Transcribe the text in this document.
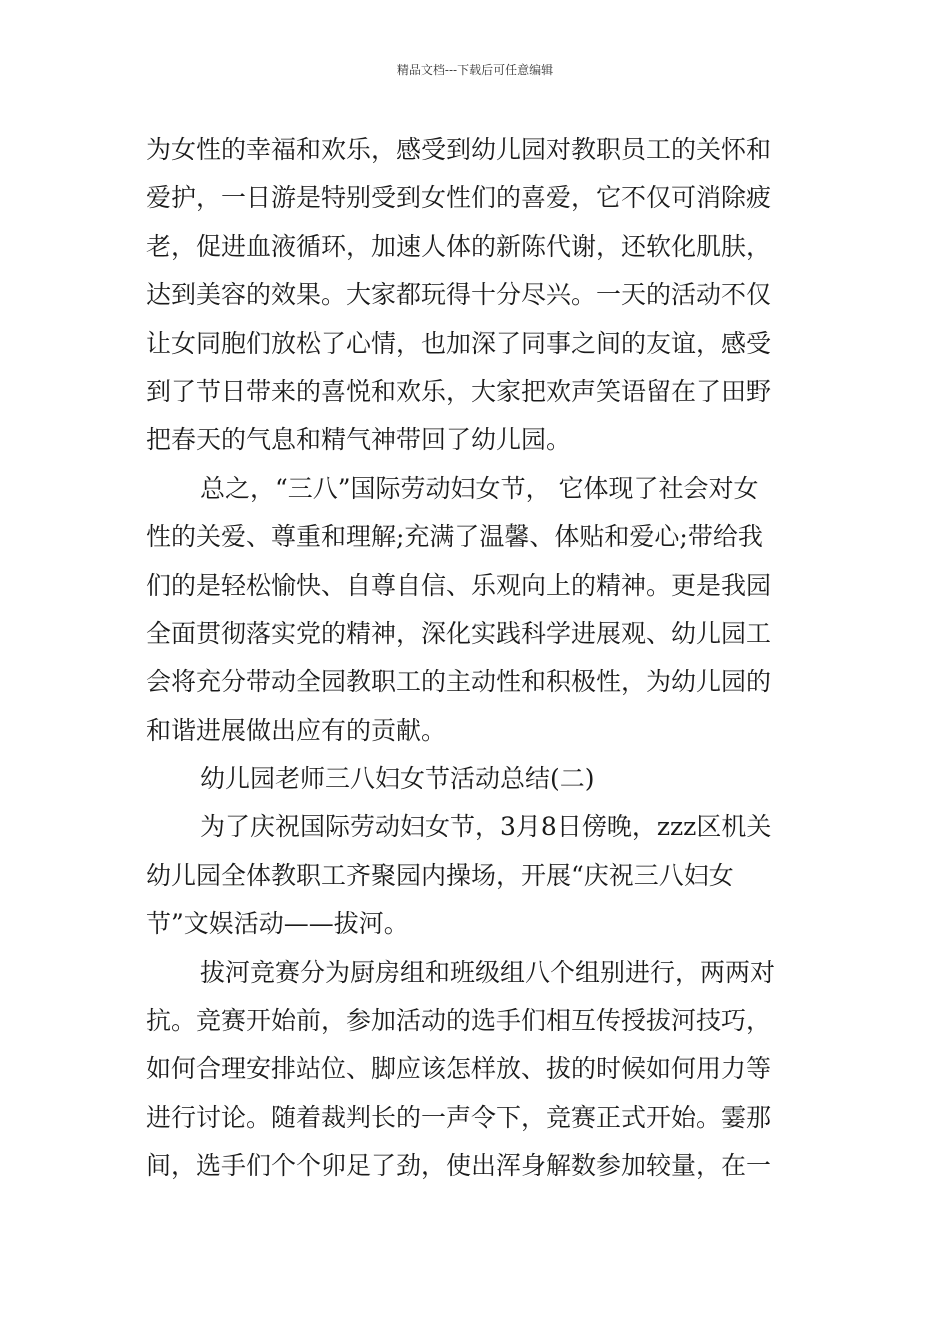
精品文档---下载后可任意编辑
为女性的幸福和欢乐，感受到幼儿园对教职员工的关怀和
爱护，一日游是特别受到女性们的喜爱，它不仅可消除疲
老，促进血液循环，加速人体的新陈代谢，还软化肌肤，
达到美容的效果。大家都玩得十分尽兴。一天的活动不仅
让女同胞们放松了心情，也加深了同事之间的友谊，感受
到了节日带来的喜悦和欢乐，大家把欢声笑语留在了田野
把春天的气息和精气神带回了幼儿园。
总之，“三八”国际劳动妇女节， 它体现了社会对女
性的关爱、尊重和理解;充满了温馨、体贴和爱心;带给我
们的是轻松愉快、自尊自信、乐观向上的精神。更是我园
全面贯彻落实党的精神，深化实践科学进展观、幼儿园工
会将充分带动全园教职工的主动性和积极性，为幼儿园的
和谐进展做出应有的贡献。
幼儿园老师三八妇女节活动总结(二)
为了庆祝国际劳动妇女节，3月8日傍晚，zzz区机关
幼儿园全体教职工齐聚园内操场，开展“庆祝三八妇女
节”文娱活动——拔河。
拔河竞赛分为厨房组和班级组八个组别进行，两两对
抗。竞赛开始前，参加活动的选手们相互传授拔河技巧，
如何合理安排站位、脚应该怎样放、拔的时候如何用力等
进行讨论。随着裁判长的一声令下，竞赛正式开始。霎那
间，选手们个个卯足了劲，使出浑身解数参加较量，在一
